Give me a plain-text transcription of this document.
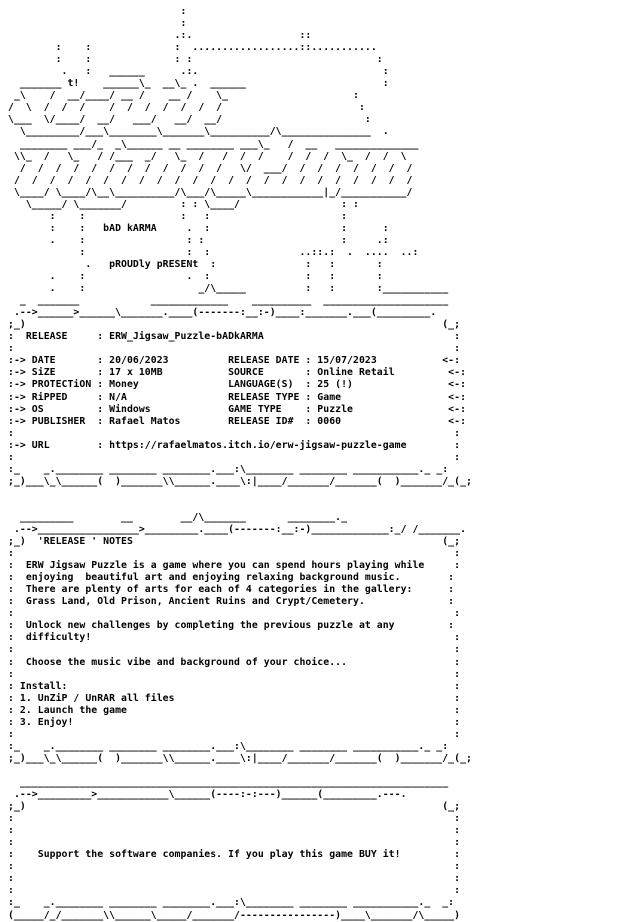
:
:
.:.                  ::
:    :              :  ..................::...........
:    :              : :                               :
.   :   ______      .:.                               :
_______ t!    ______\_  __\_ .  ______                       :
_\    /  __/____/ __ /    __ /    \_                     :
/  \  /  /  /    /  /  /  /  /  /  /                       :
\___  \/____/  __/   ___/   __/  __/                        :
\_________/___\________\_______\__________/\_______________  .
________ ___/_  _\______ __ ________ ___\_   /  __   ______________
\\_  /   \_   / /___  _/   \_  /   /  /  /    /  /  /  \_  /  /  \
/  /  /  /  /  /  /  /  /  /  /  /   \/  ___/  /  /  /  /  /  /  /
/  /  /  /  /  /  /  /  /  /  /  /  /  /  /  /  /  /  /  /  /  /  /
\____/ \____/\__\__________/\___/\_____\____________|_/___________/
\_____/ \_______/         : : \____/                 : :
:    :                :   :                      :
:    :   bAD kARMA     .  :                      :      :
.    :                 : :                       :     .:
:                 :  :               ..::.:  .  ....  ..:
.   pROUDly pRESENt  :               :   :       :
.    :                 .  :                :   :       :
.    :                   _/\_____          :   :       :___________
_  _______            _____________    __________  _____________________
.-->______>______\_______.____(-------:__:-)____:_______.___(_________.
;_)                                                                      (_;
:  RELEASE     : ERW_Jigsaw_Puzzle-bADkARMA                                :
:                                                                          :
:-> DATE       : 20/06/2023          RELEASE DATE : 15/07/2023           <-:
:-> SiZE       : 17 x 10MB           SOURCE       : Online Retail         <-:
:-> PROTECTiON : Money               LANGUAGE(S)  : 25 (!)                <-:
:-> RiPPED     : N/A                 RELEASE TYPE : Game                  <-:
:-> OS         : Windows             GAME TYPE    : Puzzle                <-:
:-> PUBLISHER  : Rafael Matos        RELEASE ID#  : 0060                  <-:
:                                                                          :
:-> URL        : https://rafaelmatos.itch.io/erw-jigsaw-puzzle-game        :
:                                                                          :
:_    _.________ ________ ________.___:\________ ________ ___________._ _:
;_)___\_\______(  )_______\\______.____\:|____/_______/_______(  )_______/_(_;
_________        __        __/\_______       ________._
.-->_________________>_________.____(-------:__:-)_____________:_/ /_______.
;_)  'RELEASE ' NOTES                                                    (_;
:                                                                          :
:  ERW Jigsaw Puzzle is a game where you can spend hours playing while     :
:  enjoying  beautiful art and enjoying relaxing background music.        :
:  There are plenty of arts for each of 4 categories in the gallery:      :
:  Grass Land, Old Prison, Ancient Ruins and Crypt/Cemetery.              :
:                                                                          :
:  Unlock new challenges by completing the previous puzzle at any         :
:  difficulty!                                                             :
:                                                                          :
:  Choose the music vibe and background of your choice...                  :
:                                                                          :
: Install:                                                                 :
: 1. UnZiP / UnRAR all files                                               :
: 2. Launch the game                                                       :
: 3. Enjoy!                                                                :
:                                                                          :
:_    _.________ ________ ________.___:\________ ________ ___________._ _:
;_)___\_\______(  )_______\\______.____\:|____/_______/_______(  )_______/_(_;
________________________________________________________________________
.-->_________>____________\______(----:-:---)______(_________.---.
;_)                                                                      (_;
:                                                                          :
:                                                                          :
:                                                                          :
:    Support the software companies. If you play this game BUY it!         :
:                                                                          :
:                                                                          :
:                                                                          :
:_    _.________ ________ ________.___:\________ ________ ___________._  _:
(_____/_/_______\\______\_____/_______/----------------)____\_______/\_____)
